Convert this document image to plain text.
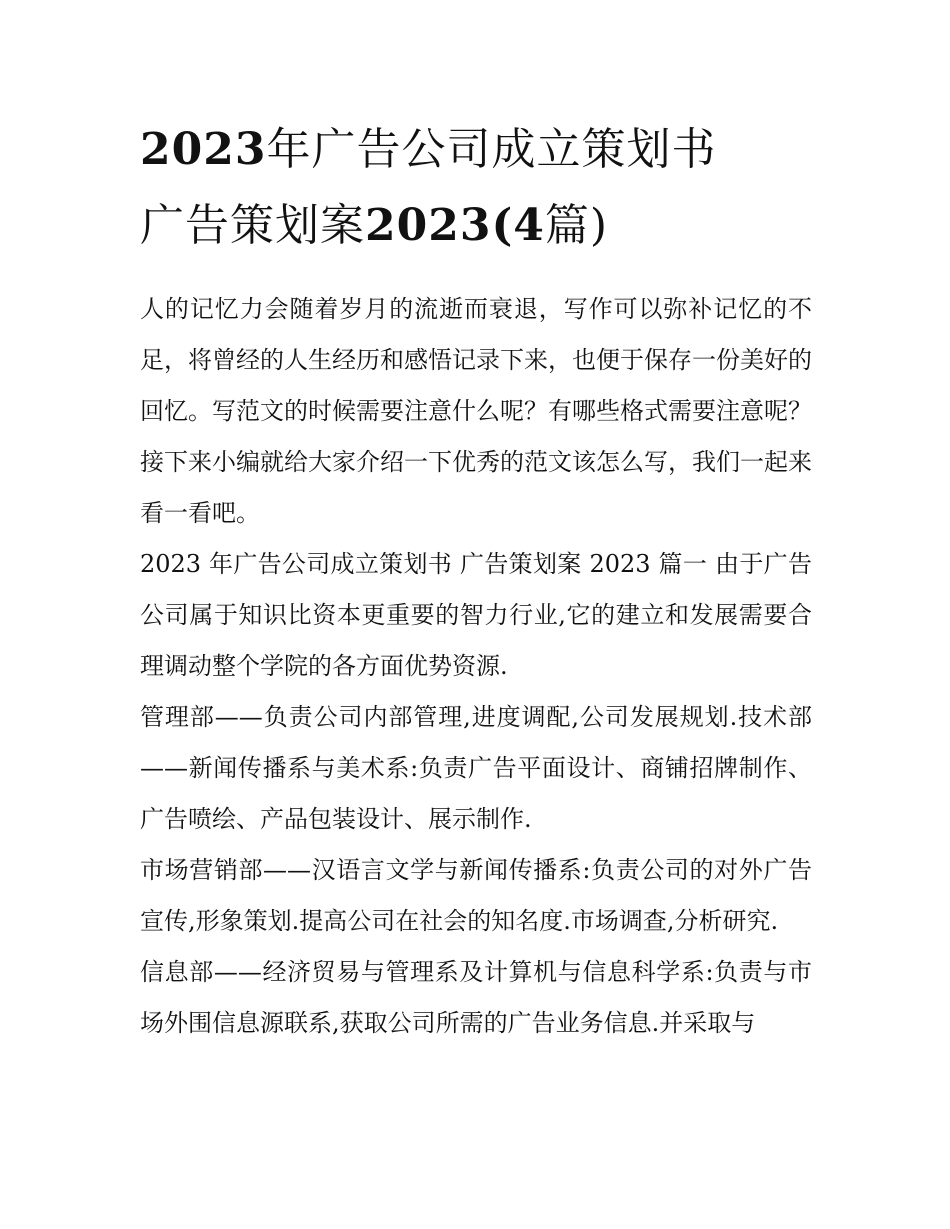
2023年广告公司成立策划书
广告策划案2023(4篇)

人的记忆力会随着岁月的流逝而衰退，写作可以弥补记忆的不足，将曾经的人生经历和感悟记录下来，也便于保存一份美好的回忆。写范文的时候需要注意什么呢？有哪些格式需要注意呢？接下来小编就给大家介绍一下优秀的范文该怎么写，我们一起来看一看吧。

2023 年广告公司成立策划书 广告策划案 2023 篇一 由于广告公司属于知识比资本更重要的智力行业,它的建立和发展需要合理调动整个学院的各方面优势资源.

管理部——负责公司内部管理,进度调配,公司发展规划.技术部——新闻传播系与美术系:负责广告平面设计、商铺招牌制作、广告喷绘、产品包装设计、展示制作.

市场营销部——汉语言文学与新闻传播系:负责公司的对外广告宣传,形象策划.提高公司在社会的知名度.市场调查,分析研究.

信息部——经济贸易与管理系及计算机与信息科学系:负责与市场外围信息源联系,获取公司所需的广告业务信息.并采取与
